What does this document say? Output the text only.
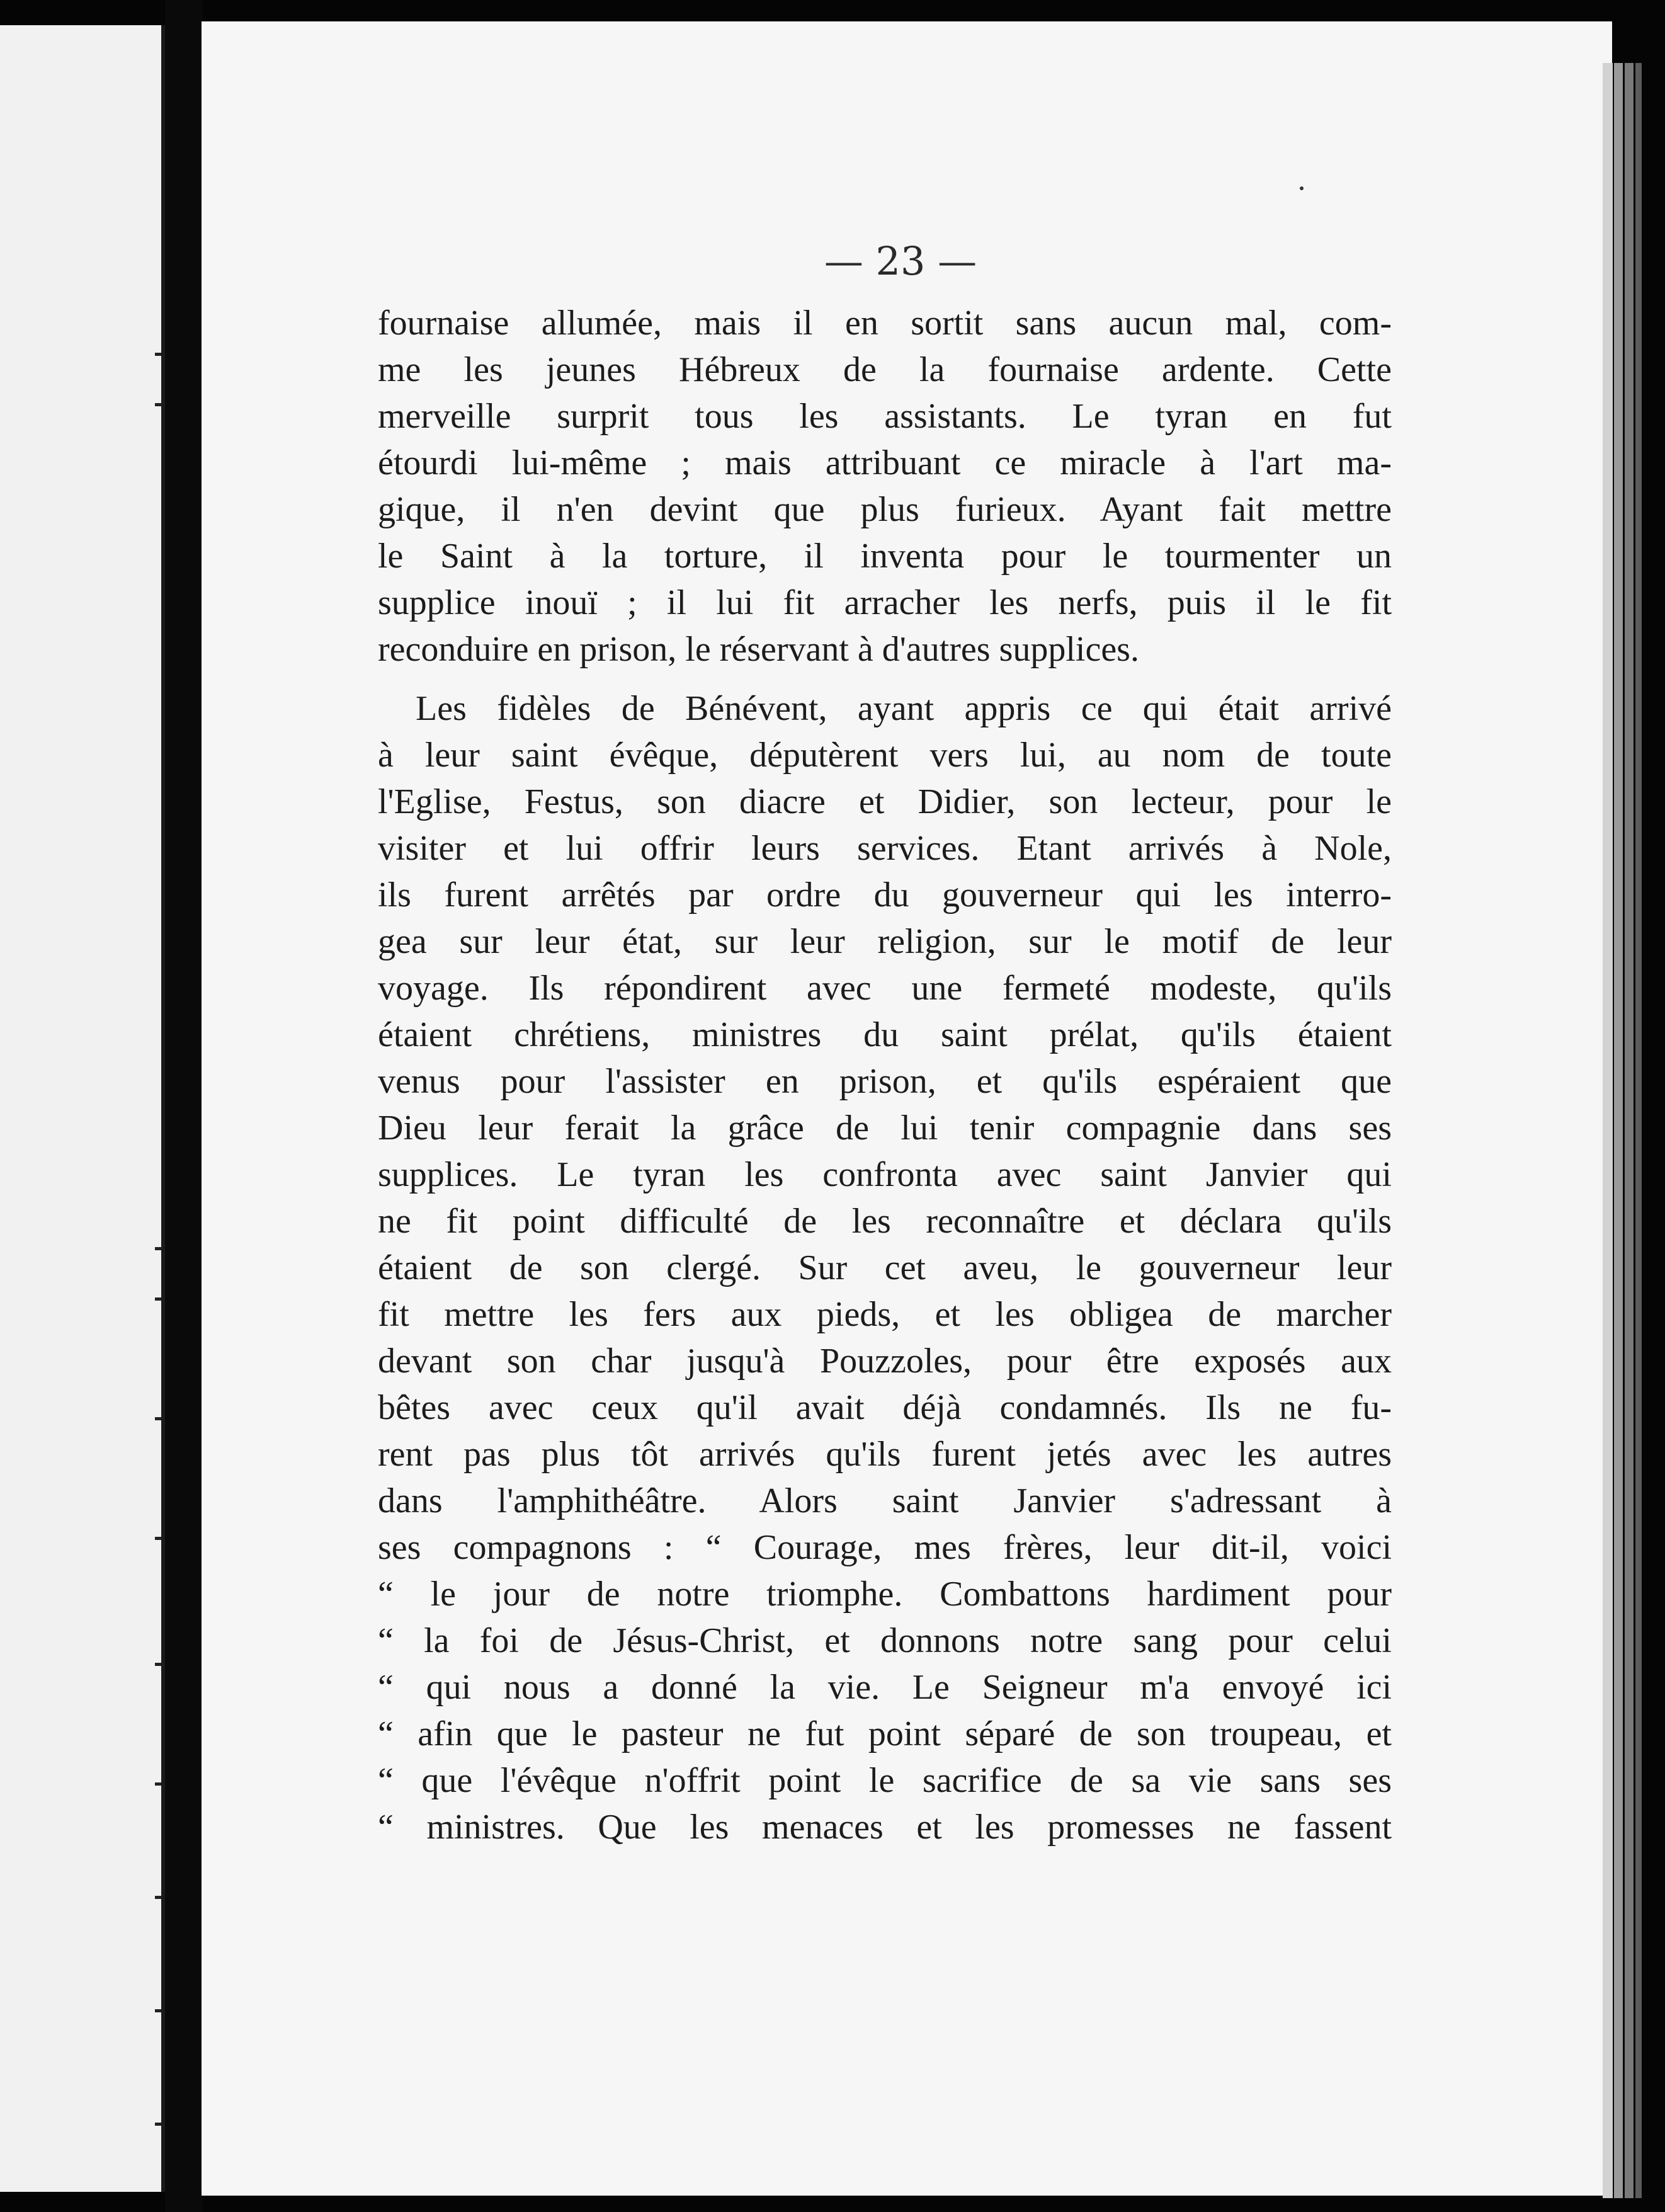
— 23 —

fournaise allumée, mais il en sortit sans aucun mal, com-
me les jeunes Hébreux de la fournaise ardente. Cette
merveille surprit tous les assistants. Le tyran en fut
étourdi lui-même ; mais attribuant ce miracle à l'art ma-
gique, il n'en devint que plus furieux. Ayant fait mettre
le Saint à la torture, il inventa pour le tourmenter un
supplice inouï ; il lui fit arracher les nerfs, puis il le fit
reconduire en prison, le réservant à d'autres supplices.
Les fidèles de Bénévent, ayant appris ce qui était arrivé
à leur saint évêque, députèrent vers lui, au nom de toute
l'Eglise, Festus, son diacre et Didier, son lecteur, pour le
visiter et lui offrir leurs services. Etant arrivés à Nole,
ils furent arrêtés par ordre du gouverneur qui les interro-
gea sur leur état, sur leur religion, sur le motif de leur
voyage. Ils répondirent avec une fermeté modeste, qu'ils
étaient chrétiens, ministres du saint prélat, qu'ils étaient
venus pour l'assister en prison, et qu'ils espéraient que
Dieu leur ferait la grâce de lui tenir compagnie dans ses
supplices. Le tyran les confronta avec saint Janvier qui
ne fit point difficulté de les reconnaître et déclara qu'ils
étaient de son clergé. Sur cet aveu, le gouverneur leur
fit mettre les fers aux pieds, et les obligea de marcher
devant son char jusqu'à Pouzzoles, pour être exposés aux
bêtes avec ceux qu'il avait déjà condamnés. Ils ne fu-
rent pas plus tôt arrivés qu'ils furent jetés avec les autres
dans l'amphithéâtre. Alors saint Janvier s'adressant à
ses compagnons : “ Courage, mes frères, leur dit-il, voici
“ le jour de notre triomphe. Combattons hardiment pour
“ la foi de Jésus-Christ, et donnons notre sang pour celui
“ qui nous a donné la vie. Le Seigneur m'a envoyé ici
“ afin que le pasteur ne fut point séparé de son troupeau, et
“ que l'évêque n'offrit point le sacrifice de sa vie sans ses
“ ministres. Que les menaces et les promesses ne fassent
